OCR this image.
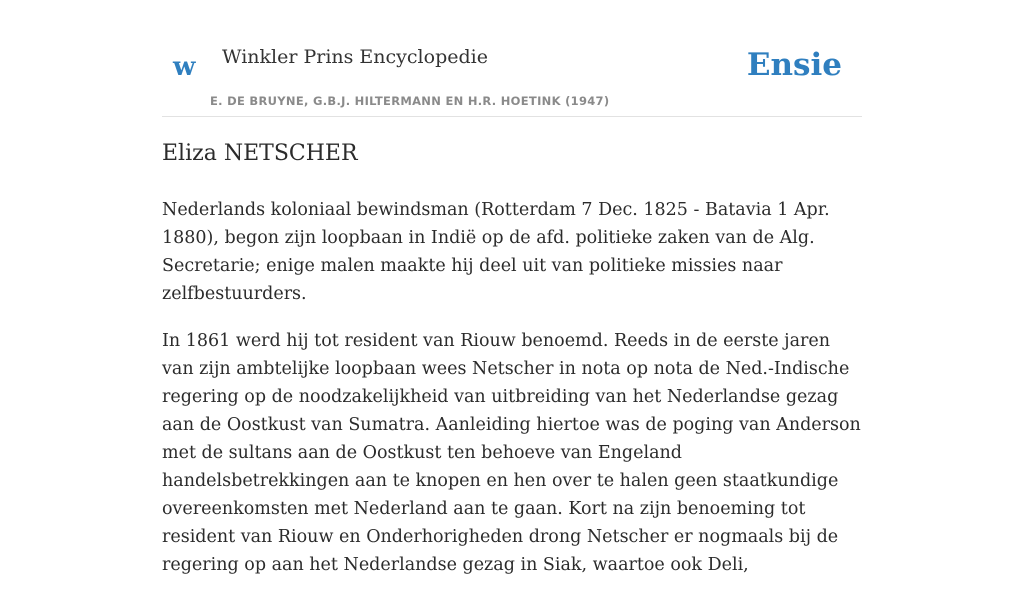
w Winkler Prins Encyclopedie
E. DE BRUYNE, G.B.J. HILTERMANN EN H.R. HOETINK (1947)
Ensie
Eliza NETSCHER

Nederlands koloniaal bewindsman (Rotterdam 7 Dec. 1825 - Batavia 1 Apr. 1880), begon zijn loopbaan in Indië op de afd. politieke zaken van de Alg. Secretarie; enige malen maakte hij deel uit van politieke missies naar zelfbestuurders.

In 1861 werd hij tot resident van Riouw benoemd. Reeds in de eerste jaren van zijn ambtelijke loopbaan wees Netscher in nota op nota de Ned.-Indische regering op de noodzakelijkheid van uitbreiding van het Nederlandse gezag aan de Oostkust van Sumatra. Aanleiding hiertoe was de poging van Anderson met de sultans aan de Oostkust ten behoeve van Engeland handelsbetrekkingen aan te knopen en hen over te halen geen staatkundige overeenkomsten met Nederland aan te gaan. Kort na zijn benoeming tot resident van Riouw en Onderhorigheden drong Netscher er nogmaals bij de regering op aan het Nederlandse gezag in Siak, waartoe ook Deli,
